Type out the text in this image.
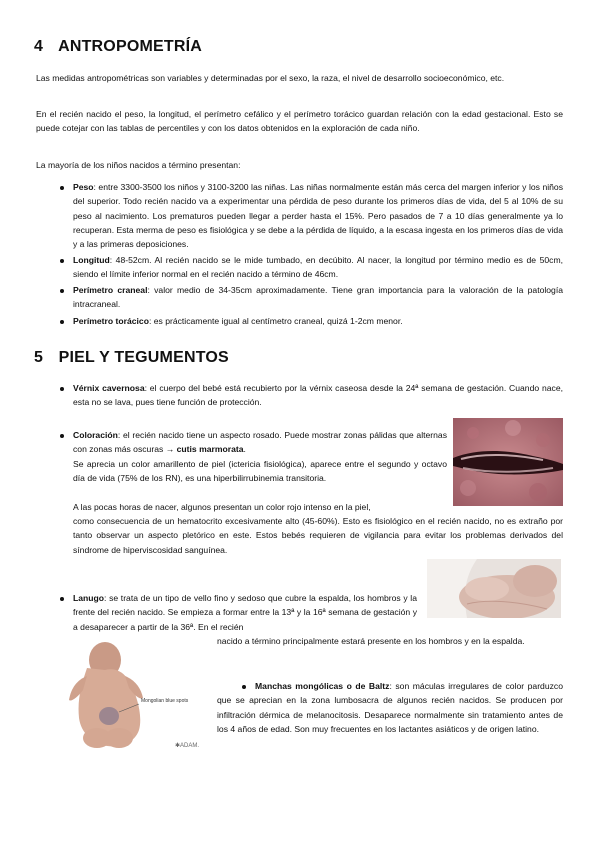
4 ANTROPOMETRÍA
Las medidas antropométricas son variables y determinadas por el sexo, la raza, el nivel de desarrollo socioeconómico, etc.
En el recién nacido el peso, la longitud, el perímetro cefálico y el perímetro torácico guardan relación con la edad gestacional. Esto se puede cotejar con las tablas de percentiles y con los datos obtenidos en la exploración de cada niño.
La mayoría de los niños nacidos a término presentan:
Peso: entre 3300-3500 los niños y 3100-3200 las niñas. Las niñas normalmente están más cerca del margen inferior y los niños del superior. Todo recién nacido va a experimentar una pérdida de peso durante los primeros días de vida, del 5 al 10% de su peso al nacimiento. Los prematuros pueden llegar a perder hasta el 15%. Pero pasados de 7 a 10 días generalmente ya lo recuperan. Esta merma de peso es fisiológica y se debe a la pérdida de líquido, a la escasa ingesta en los primeros días de vida y a las primeras deposiciones.
Longitud: 48-52cm. Al recién nacido se le mide tumbado, en decúbito. Al nacer, la longitud por término medio es de 50cm, siendo el límite inferior normal en el recién nacido a término de 46cm.
Perímetro craneal: valor medio de 34-35cm aproximadamente. Tiene gran importancia para la valoración de la patología intracraneal.
Perímetro torácico: es prácticamente igual al centímetro craneal, quizá 1-2cm menor.
5 PIEL Y TEGUMENTOS
Vérnix cavernosa: el cuerpo del bebé está recubierto por la vérnix caseosa desde la 24ª semana de gestación. Cuando nace, esta no se lava, pues tiene función de protección.
Coloración: el recién nacido tiene un aspecto rosado. Puede mostrar zonas pálidas que alternas con zonas más oscuras → cutis marmorata.
Se aprecia un color amarillento de piel (ictericia fisiológica), aparece entre el segundo y octavo día de vida (75% de los RN), es una hiperbilirrubinemia transitoria.
A las pocas horas de nacer, algunos presentan un color rojo intenso en la piel,
como consecuencia de un hematocrito excesivamente alto (45-60%). Esto es fisiológico en el recién nacido, no es extraño por tanto observar un aspecto pletórico en este. Estos bebés requieren de vigilancia para evitar los problemas derivados del síndrome de hiperviscosidad sanguínea.
Lanugo: se trata de un tipo de vello fino y sedoso que cubre la espalda, los hombros y la frente del recién nacido. Se empieza a formar entre la 13ª y la 16ª semana de gestación y a desaparecer a partir de la 36ª. En el recién
nacido a término principalmente estará presente en los hombros y en la espalda.
Mongolian blue spots
✱ADAM.
Manchas mongólicas o de Baltz: son máculas irregulares de color parduzco que se aprecian en la zona lumbosacra de algunos recién nacidos. Se producen por infiltración dérmica de melanocitosis. Desaparece normalmente sin tratamiento antes de los 4 años de edad. Son muy frecuentes en los lactantes asiáticos y de origen latino.
